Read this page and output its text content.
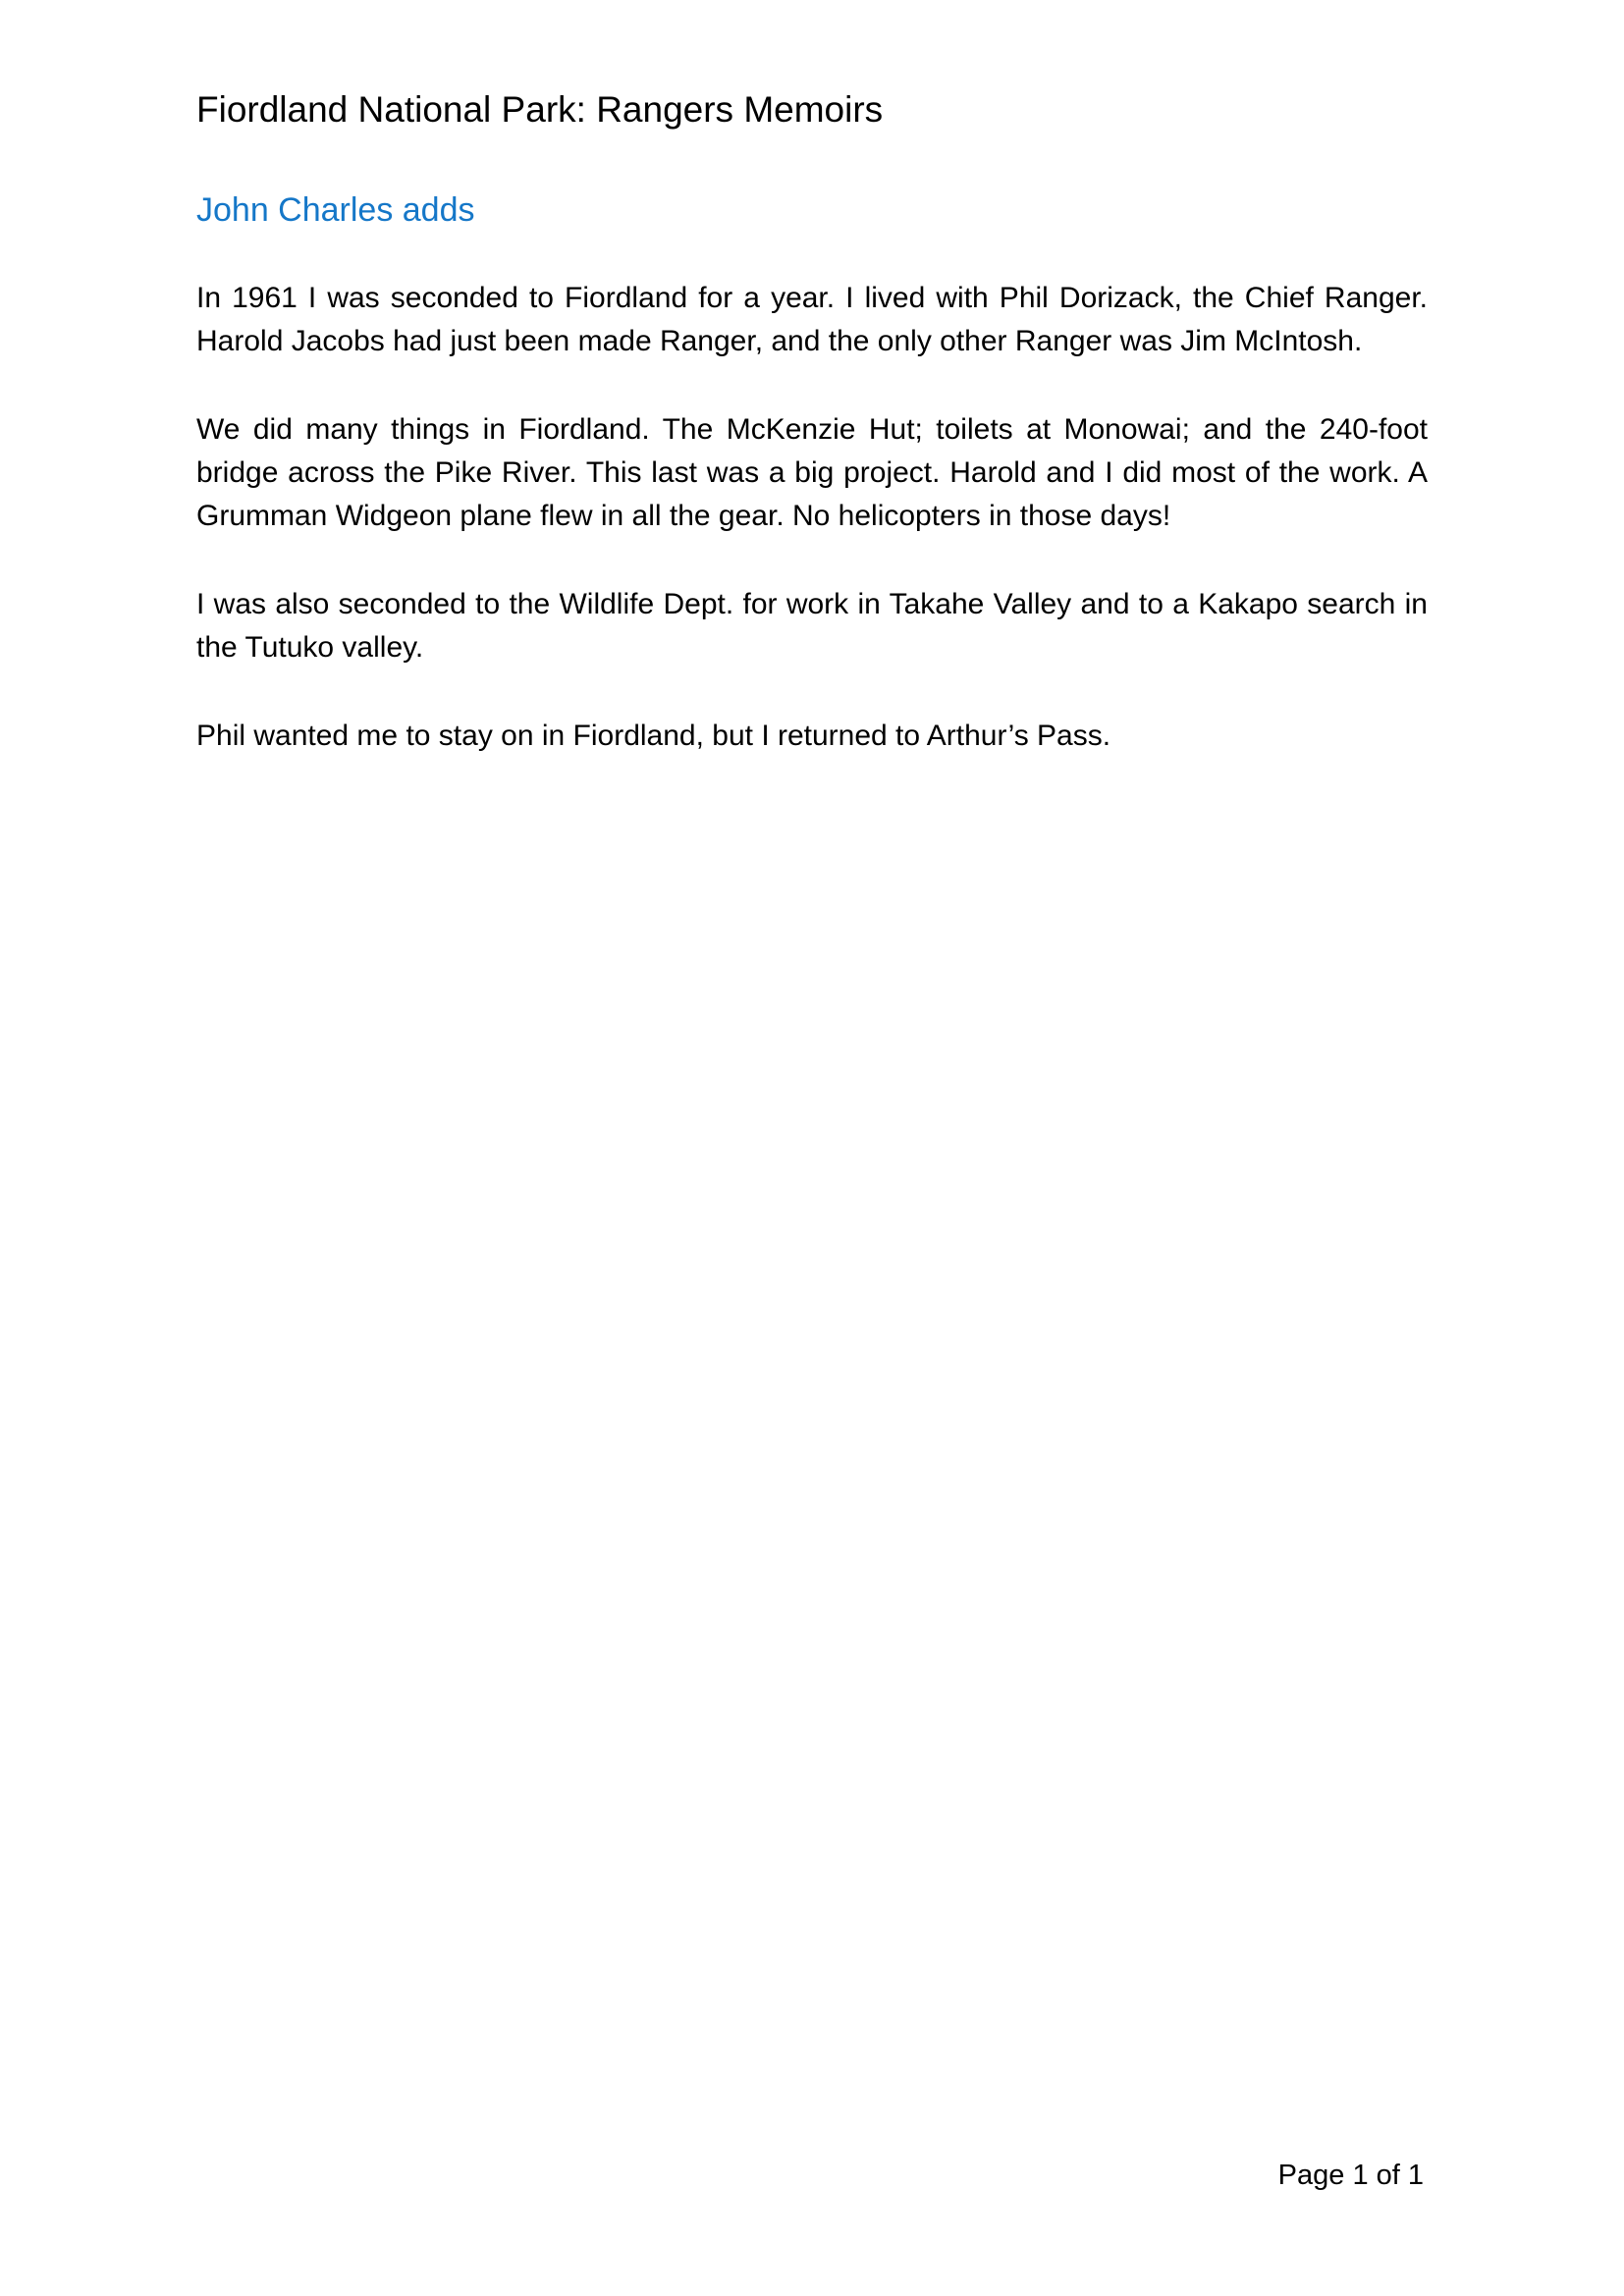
Fiordland National Park: Rangers Memoirs
John Charles adds

In 1961 I was seconded to Fiordland for a year. I lived with Phil Dorizack, the Chief Ranger. Harold Jacobs had just been made Ranger, and the only other Ranger was Jim McIntosh.

We did many things in Fiordland. The McKenzie Hut; toilets at Monowai; and the 240-foot bridge across the Pike River. This last was a big project. Harold and I did most of the work. A Grumman Widgeon plane flew in all the gear. No helicopters in those days!

I was also seconded to the Wildlife Dept. for work in Takahe Valley and to a Kakapo search in the Tutuko valley.

Phil wanted me to stay on in Fiordland, but I returned to Arthur’s Pass.

Page 1 of 1
